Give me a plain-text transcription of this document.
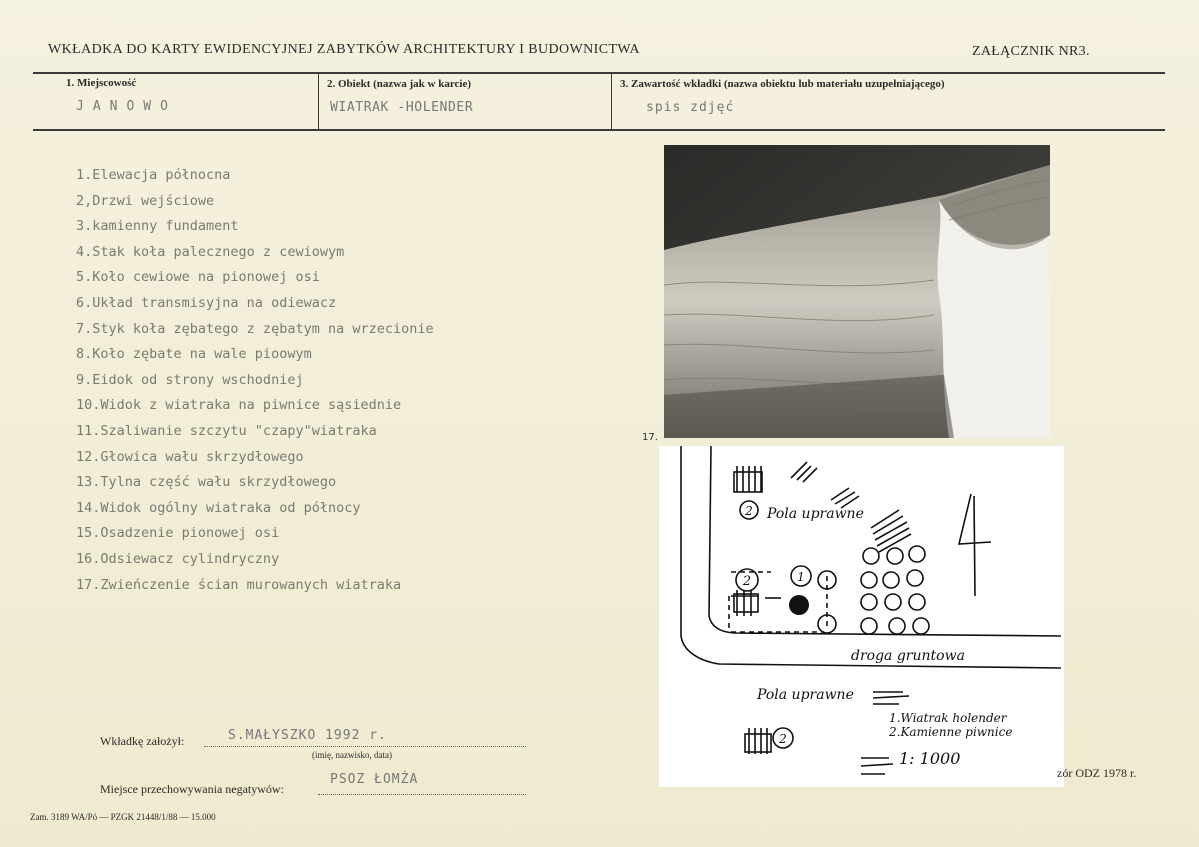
WKŁADKA DO KARTY EWIDENCYJNEJ ZABYTKÓW ARCHITEKTURY I BUDOWNICTWA	ZAŁĄCZNIK NR3.
1. Miejscowość
JANOWO
2. Obiekt (nazwa jak w karcie)
WIATRAK -HOLENDER
3. Zawartość wkładki (nazwa obiektu lub materiału uzupełniającego)
spis zdjęć
1.Elewacja północna
2,Drzwi wejściowe
3.kamienny fundament
4.Stak koła palecznego z cewiowym
5.Koło cewiowe na pionowej osi
6.Układ transmisyjna na odiewacz
7.Styk koła zębatego z zębatym na wrzecionie
8.Koło zębate na wale pioowym
9.Eidok od strony wschodniej
10.Widok z wiatraka na piwnice sąsiednie
11.Szaliwanie szczytu "czapy"wiatraka
12.Głowica wału skrzydłowego
13.Tylna część wału skrzydłowego
14.Widok ogólny wiatraka od północy
15.Osadzenie pionowej osi
16.Odsiewacz cylindryczny
17.Zwieńczenie ścian murowanych wiatraka
17.
2
2	1
2
Pola uprawne
Pola uprawne
droga gruntowa
1.Wiatrak holender
2.Kamienne piwnice
1: 1000
Wkładkę założył:	S.MAŁYSZKO 1992 r.
(imię, nazwisko, data)
Miejsce przechowywania negatywów:
PSOZ ŁOMŻA	zór ODZ 1978 r.
Zam. 3189 WA/Pó — PZGK 21448/1/88 — 15.000
